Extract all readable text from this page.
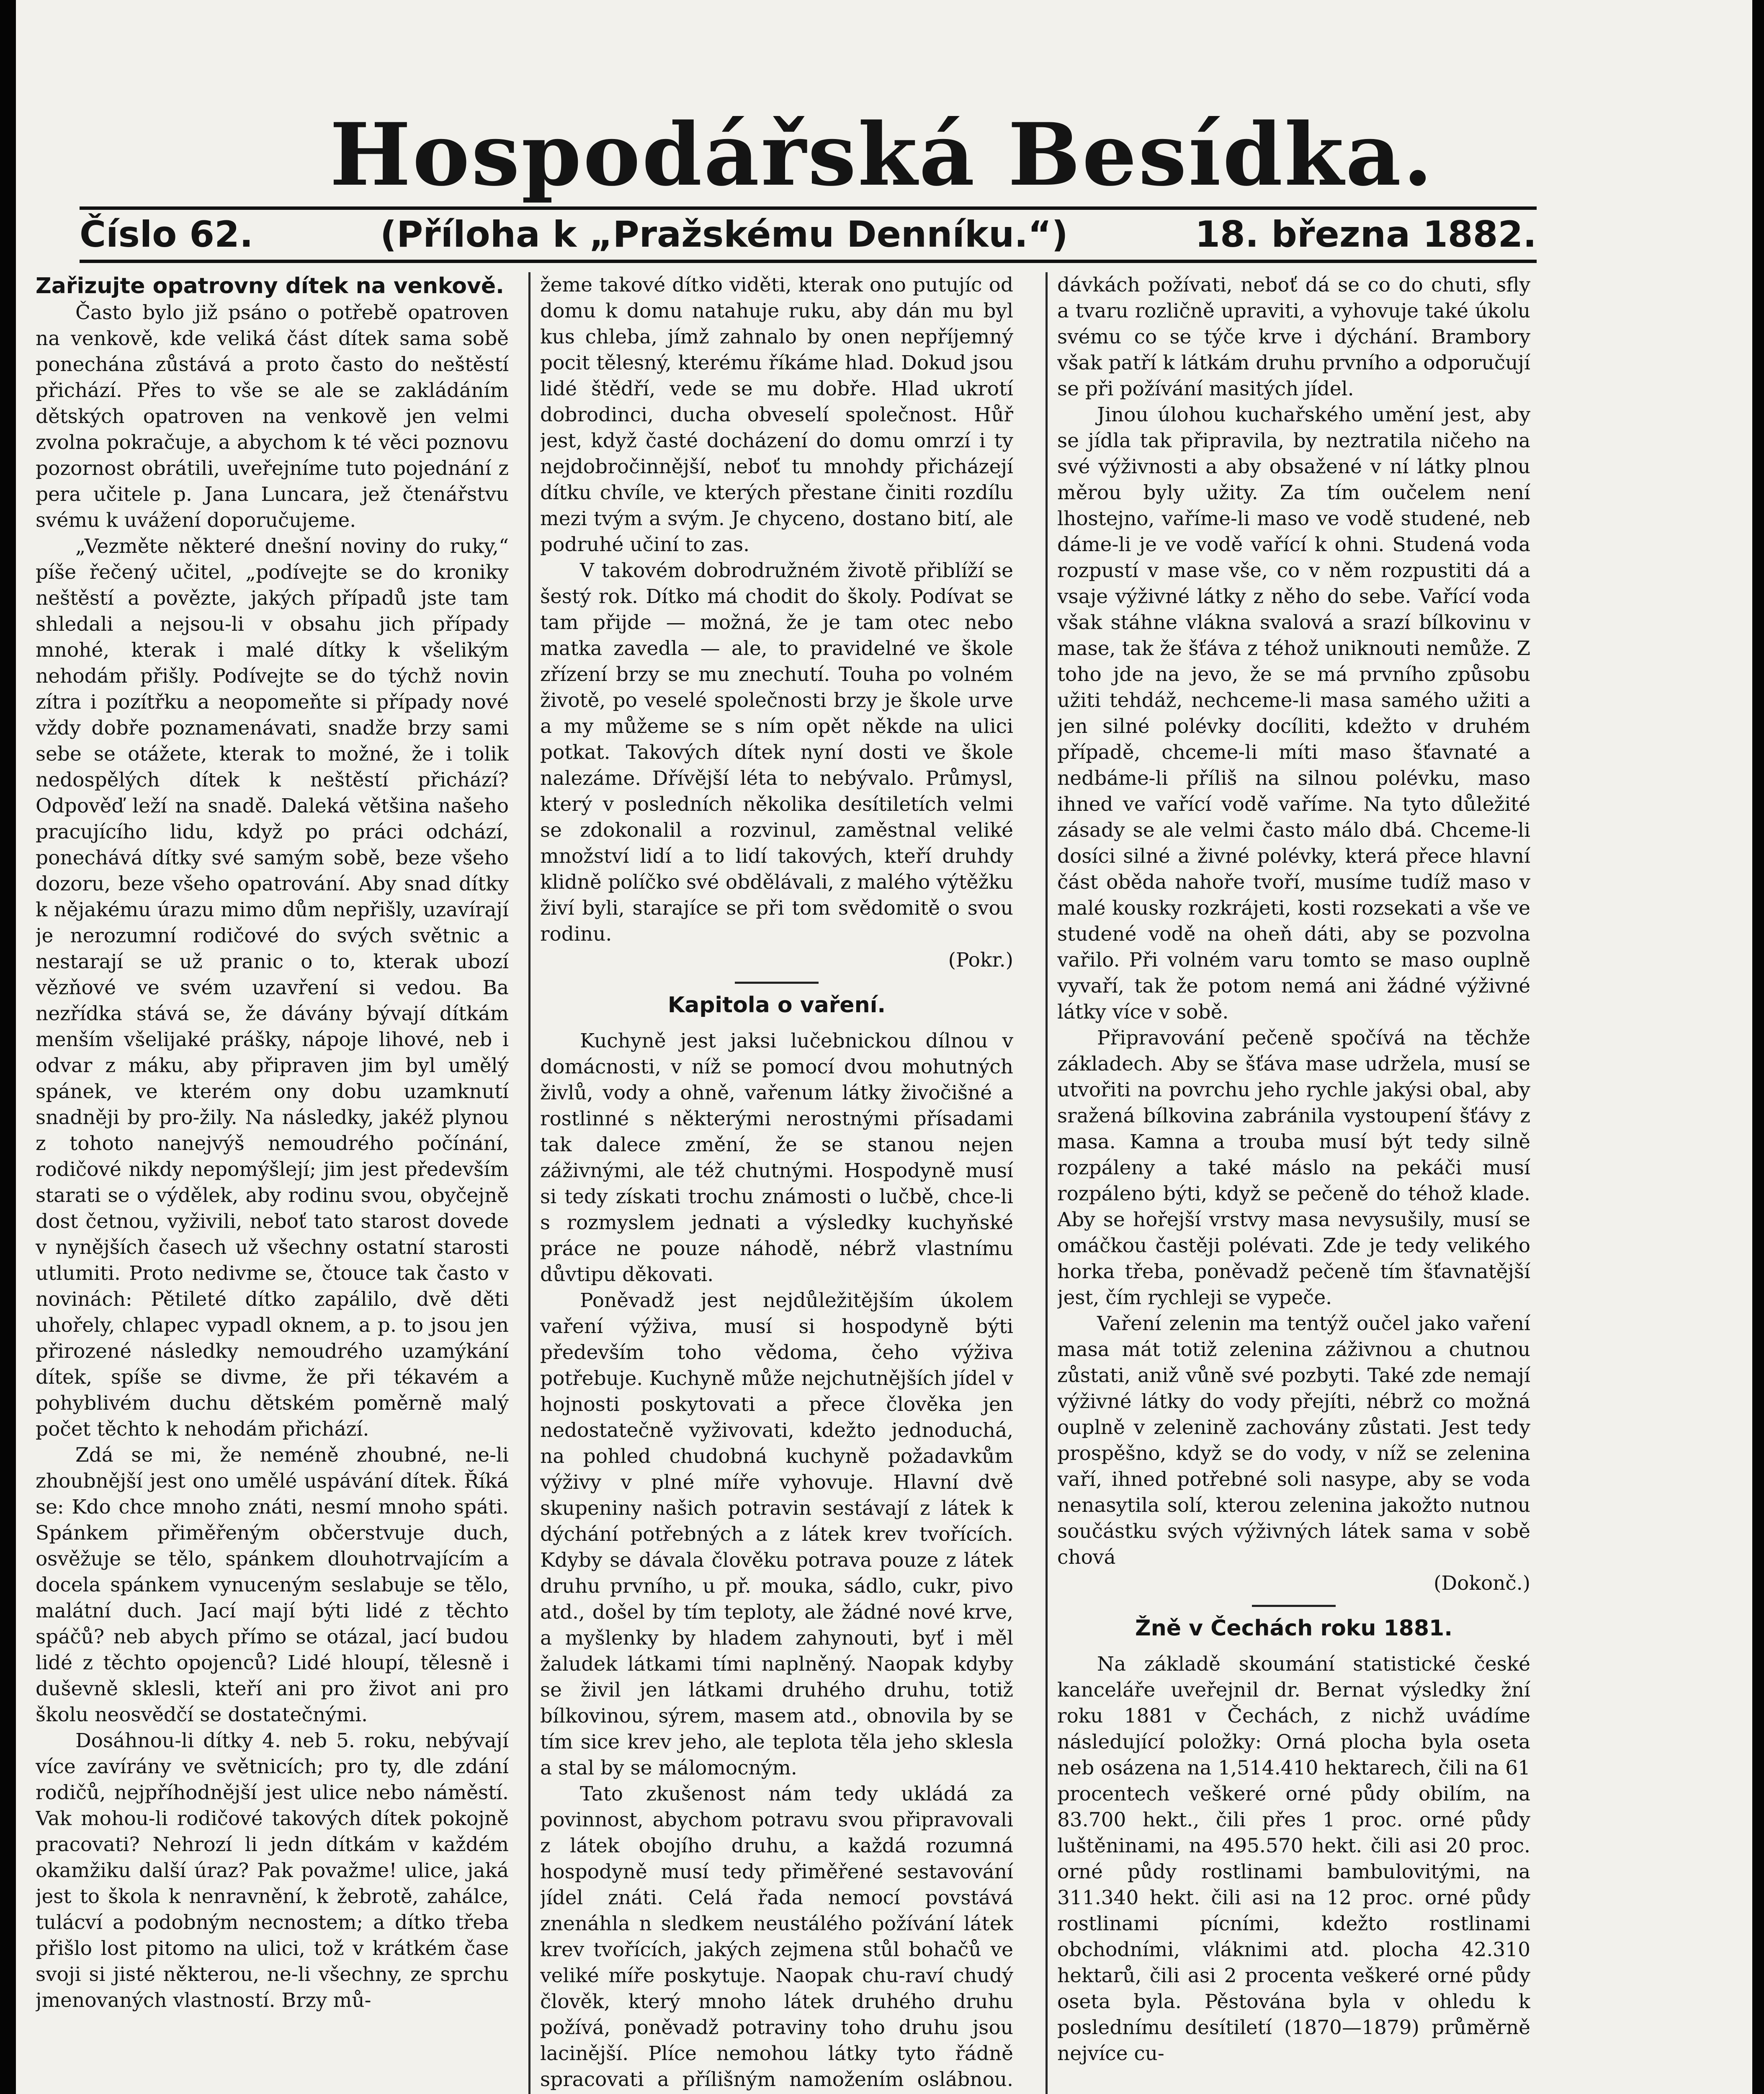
Hospodářská Besídka.
Číslo 62.	(Příloha k „Pražskému Denníku.“)	18. března 1882.
Zařizujte opatrovny dítek na venkově.

Často bylo již psáno o potřebě opatroven na venkově, kde veliká část dítek sama sobě ponechána zůstává a proto často do neštěstí přichází. Přes to vše se ale se zakládáním dětských opatroven na venkově jen velmi zvolna pokračuje, a abychom k té věci poznovu pozornost obrátili, uveřejníme tuto pojednání z pera učitele p. Jana Luncara, jež čtenářstvu svému k uvážení doporučujeme.

„Vezměte některé dnešní noviny do ruky,“ píše řečený učitel, „podívejte se do kroniky neštěstí a povězte, jakých případů jste tam shledali a nejsou-li v obsahu jich případy mnohé, kterak i malé dítky k všelikým nehodám přišly. Podívejte se do týchž novin zítra i pozítřku a neopomeňte si případy nové vždy dobře poznamenávati, snadže brzy sami sebe se otážete, kterak to možné, že i tolik nedospělých dítek k neštěstí přichází? Odpověď leží na snadě. Daleká většina našeho pracujícího lidu, když po práci odchází, ponechává dítky své samým sobě, beze všeho dozoru, beze všeho opatrování. Aby snad dítky k nějakému úrazu mimo dům nepřišly, uzavírají je nerozumní rodičové do svých světnic a nestarají se už pranic o to, kterak ubozí vězňové ve svém uzavření si vedou. Ba nezřídka stává se, že dávány bývají dítkám menším všelijaké prášky, nápoje lihové, neb i odvar z máku, aby připraven jim byl umělý spánek, ve kterém ony dobu uzamknutí snadněji by pro-žily. Na následky, jakéž plynou z tohoto nanejvýš nemoudrého počínání, rodičové nikdy nepomýšlejí; jim jest především starati se o výdělek, aby rodinu svou, obyčejně dost četnou, vyživili, neboť tato starost dovede v nynějších časech už všechny ostatní starosti utlumiti. Proto nedivme se, čtouce tak často v novinách: Pětileté dítko zapálilo, dvě děti uhořely, chlapec vypadl oknem, a p. to jsou jen přirozené následky nemoudrého uzamýkání dítek, spíše se divme, že při tékavém a pohyblivém duchu dětském poměrně malý počet těchto k nehodám přichází.

Zdá se mi, že neméně zhoubné, ne-li zhoubnější jest ono umělé uspávání dítek. Říká se: Kdo chce mnoho znáti, nesmí mnoho spáti. Spánkem přiměřeným občerstvuje duch, osvěžuje se tělo, spánkem dlouhotrvajícím a docela spánkem vynuceným seslabuje se tělo, malátní duch. Jací mají býti lidé z těchto spáčů? neb abych přímo se otázal, jací budou lidé z těchto opojenců? Lidé hloupí, tělesně i duševně sklesli, kteří ani pro život ani pro školu neosvědčí se dostatečnými.

Dosáhnou-li dítky 4. neb 5. roku, nebývají více zavírány ve světnicích; pro ty, dle zdání rodičů, nejpříhodnější jest ulice nebo náměstí. Vak mohou-li rodičové takových dítek pokojně pracovati? Nehrozí li jedn dítkám v každém okamžiku další úraz? Pak považme! ulice, jaká jest to škola k nenravnění, k žebrotě, zahálce, tulácví a podobným necnostem; a dítko třeba přišlo lost pitomo na ulici, tož v krátkém čase svoji si jisté některou, ne-li všechny, ze sprchu jmenovaných vlastností. Brzy mů-

žeme takové dítko viděti, kterak ono putujíc od domu k domu natahuje ruku, aby dán mu byl kus chleba, jímž zahnalo by onen nepříjemný pocit tělesný, kterému říkáme hlad. Dokud jsou lidé štědří, vede se mu dobře. Hlad ukrotí dobrodinci, ducha obveselí společnost. Hůř jest, když časté docházení do domu omrzí i ty nejdobročinnější, neboť tu mnohdy přicházejí dítku chvíle, ve kterých přestane činiti rozdílu mezi tvým a svým. Je chyceno, dostano bití, ale podruhé učiní to zas.

V takovém dobrodružném životě přiblíží se šestý rok. Dítko má chodit do školy. Podívat se tam přijde — možná, že je tam otec nebo matka zavedla — ale, to pravidelné ve škole zřízení brzy se mu znechutí. Touha po volném životě, po veselé společnosti brzy je škole urve a my můžeme se s ním opět někde na ulici potkat. Takových dítek nyní dosti ve škole nalezáme. Dřívější léta to nebývalo. Průmysl, který v posledních několika desítiletích velmi se zdokonalil a rozvinul, zaměstnal veliké množství lidí a to lidí takových, kteří druhdy klidně políčko své obdělávali, z malého výtěžku živí byli, starajíce se při tom svědomitě o svou rodinu.

(Pokr.)
Kapitola o vaření.

Kuchyně jest jaksi lučebnickou dílnou v domácnosti, v níž se pomocí dvou mohutných živlů, vody a ohně, vařenum látky živočišné a rostlinné s některými nerostnými přísadami tak dalece změní, že se stanou nejen záživnými, ale též chutnými. Hospodyně musí si tedy získati trochu známosti o lučbě, chce-li s rozmyslem jednati a výsledky kuchyňské práce ne pouze náhodě, nébrž vlastnímu důvtipu děkovati.

Poněvadž jest nejdůležitějším úkolem vaření výživa, musí si hospodyně býti především toho vědoma, čeho výživa potřebuje. Kuchyně může nejchutnějších jídel v hojnosti poskytovati a přece člověka jen nedostatečně vyživovati, kdežto jednoduchá, na pohled chudobná kuchyně požadavkům výživy v plné míře vyhovuje. Hlavní dvě skupeniny našich potravin sestávají z látek k dýchání potřebných a z látek krev tvořících. Kdyby se dávala člověku potrava pouze z látek druhu prvního, u př. mouka, sádlo, cukr, pivo atd., došel by tím teploty, ale žádné nové krve, a myšlenky by hladem zahynouti, byť i měl žaludek látkami tími naplněný. Naopak kdyby se živil jen látkami druhého druhu, totiž bílkovinou, sýrem, masem atd., obnovila by se tím sice krev jeho, ale teplota těla jeho sklesla a stal by se málomocným.

Tato zkušenost nám tedy ukládá za povinnost, abychom potravu svou připravovali z látek obojího druhu, a každá rozumná hospodyně musí tedy přiměřené sestavování jídel znáti. Celá řada nemocí povstává znenáhla n sledkem neustálého požívání látek krev tvořících, jakých zejmena stůl bohačů ve veliké míře poskytuje. Naopak chu-raví chudý člověk, který mnoho látek druhého druhu požívá, poněvadž potraviny toho druhu jsou lacinější. Plíce nemohou látky tyto řádně spracovati a přílišným namožením oslábnou.

dávkách požívati, neboť dá se co do chuti, sfly a tvaru rozličně upraviti, a vyhovuje také úkolu svému co se týče krve i dýchání. Brambory však patří k látkám druhu prvního a odporučují se při požívání masitých jídel.

Jinou úlohou kuchařského umění jest, aby se jídla tak připravila, by neztratila ničeho na své výživnosti a aby obsažené v ní látky plnou měrou byly užity. Za tím oučelem není lhostejno, vaříme-li maso ve vodě studené, neb dáme-li je ve vodě vařící k ohni. Studená voda rozpustí v mase vše, co v něm rozpustiti dá a vsaje výživné látky z něho do sebe. Vařící voda však stáhne vlákna svalová a srazí bílkovinu v mase, tak že šťáva z téhož uniknouti nemůže. Z toho jde na jevo, že se má prvního způsobu užiti tehdáž, nechceme-li masa samého užiti a jen silné polévky docíliti, kdežto v druhém případě, chceme-li míti maso šťavnaté a nedbáme-li příliš na silnou polévku, maso ihned ve vařící vodě vaříme. Na tyto důležité zásady se ale velmi často málo dbá. Chceme-li dosíci silné a živné polévky, která přece hlavní část oběda nahoře tvoří, musíme tudíž maso v malé kousky rozkrájeti, kosti rozsekati a vše ve studené vodě na oheň dáti, aby se pozvolna vařilo. Při volném varu tomto se maso ouplně vyvaří, tak že potom nemá ani žádné výživné látky více v sobě.

Připravování pečeně spočívá na těchže základech. Aby se šťáva mase udržela, musí se utvořiti na povrchu jeho rychle jakýsi obal, aby sražená bílkovina zabránila vystoupení šťávy z masa. Kamna a trouba musí být tedy silně rozpáleny a také máslo na pekáči musí rozpáleno býti, když se pečeně do téhož klade. Aby se hořejší vrstvy masa nevysušily, musí se omáčkou častěji polévati. Zde je tedy velikého horka třeba, poněvadž pečeně tím šťavnatější jest, čím rychleji se vypeče.

Vaření zelenin ma tentýž oučel jako vaření masa mát totiž zelenina záživnou a chutnou zůstati, aniž vůně své pozbyti. Také zde nemají výživné látky do vody přejíti, nébrž co možná ouplně v zelenině zachovány zůstati. Jest tedy prospěšno, když se do vody, v níž se zelenina vaří, ihned potřebné soli nasype, aby se voda nenasytila solí, kterou zelenina jakožto nutnou součástku svých výživných látek sama v sobě chová

(Dokonč.)
Žně v Čechách roku 1881.

Na základě skoumání statistické české kanceláře uveřejnil dr. Bernat výsledky žní roku 1881 v Čechách, z nichž uvádíme následující položky: Orná plocha byla oseta neb osázena na 1,514.410 hektarech, čili na 61 procentech veškeré orné půdy obilím, na 83.700 hekt., čili přes 1 proc. orné půdy luštěninami, na 495.570 hekt. čili asi 20 proc. orné půdy rostlinami bambulovitými, na 311.340 hekt. čili asi na 12 proc. orné půdy rostlinami pícními, kdežto rostlinami obchodními, vláknimi atd. plocha 42.310 hektarů, čili asi 2 procenta veškeré orné půdy oseta byla. Pěstována byla v ohledu k poslednímu desítiletí (1870—1879) průměrně nejvíce cu-
